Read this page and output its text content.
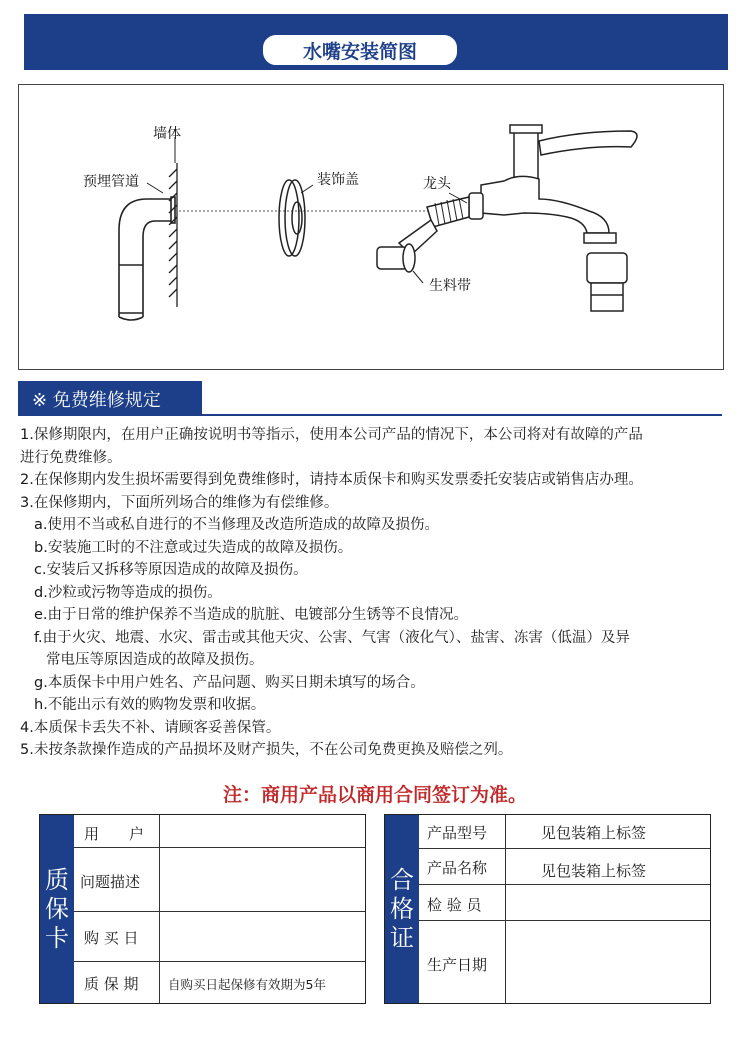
水嘴安装简图
墙体
预埋管道	装饰盖	龙头
生料带
※ 免费维修规定
1.保修期限内，在用户正确按说明书等指示，使用本公司产品的情况下，本公司将对有故障的产品
进行免费维修。
2.在保修期内发生损坏需要得到免费维修时，请持本质保卡和购买发票委托安装店或销售店办理。
3.在保修期内，下面所列场合的维修为有偿维修。
a.使用不当或私自进行的不当修理及改造所造成的故障及损伤。
b.安装施工时的不注意或过失造成的故障及损伤。
c.安装后又拆移等原因造成的故障及损伤。
d.沙粒或污物等造成的损伤。
e.由于日常的维护保养不当造成的肮脏、电镀部分生锈等不良情况。
f.由于火灾、地震、水灾、雷击或其他天灾、公害、气害（液化气）、盐害、冻害（低温）及异
常电压等原因造成的故障及损伤。
g.本质保卡中用户姓名、产品问题、购买日期未填写的场合。
h.不能出示有效的购物发票和收据。
4.本质保卡丢失不补、请顾客妥善保管。
5.未按条款操作造成的产品损坏及财产损失，不在公司免费更换及赔偿之列。
注：商用产品以商用合同签订为准。
质
保
卡
用　　户
问题描述
购 买 日
质 保 期 自购买日起保修有效期为5年
合
格
证
产品型号	见包装箱上标签
产品名称	见包装箱上标签
检 验 员
生产日期
